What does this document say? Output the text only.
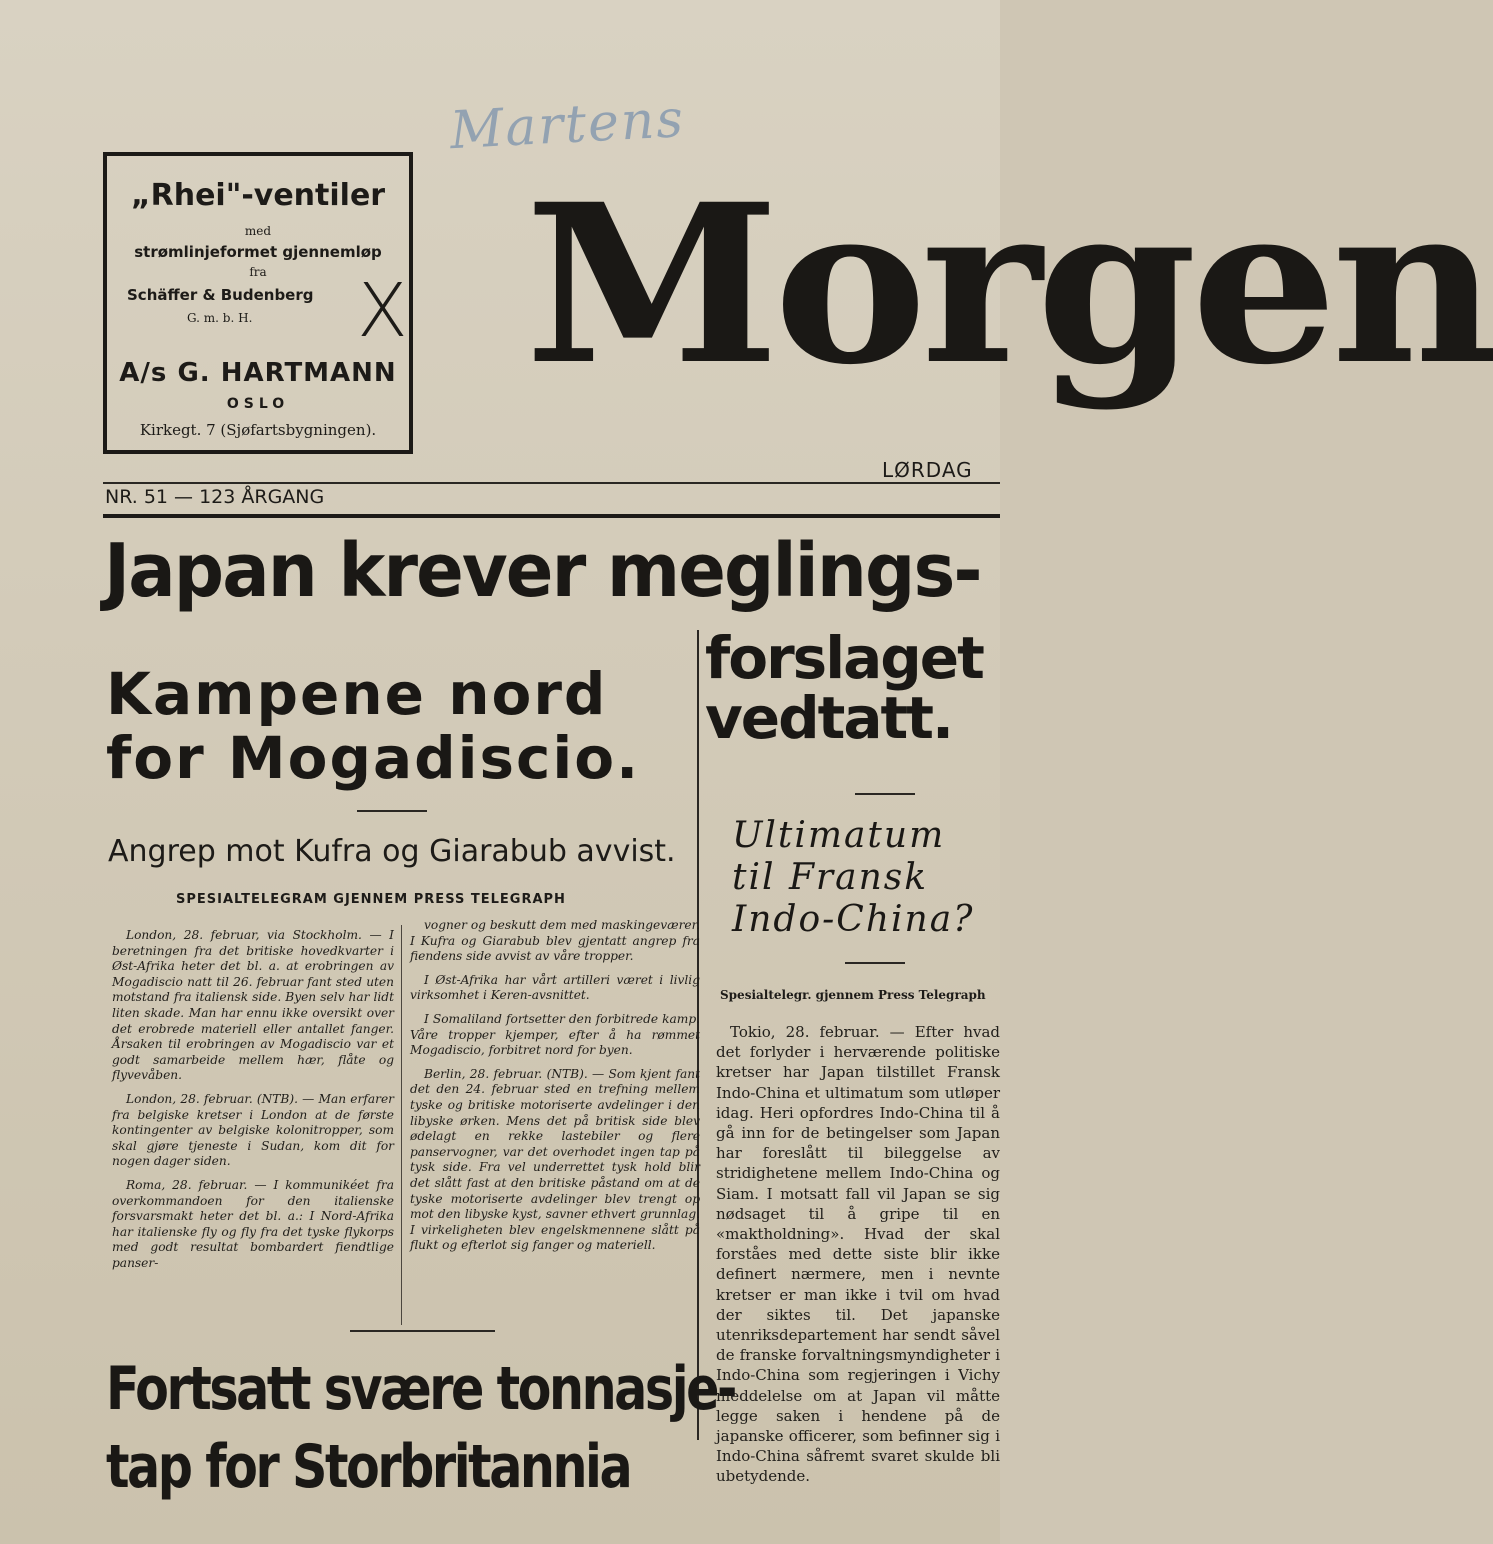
Martens
„Rhei"-ventiler
med
strømlinjeformet gjennemløp
fra
Schäffer & Budenberg
G. m. b. H. X
A/s G. HARTMANN
OSLO
Kirkegt. 7 (Sjøfartsbygningen).
Morgen
LØRDAG
NR. 51 — 123 ÅRGANG
Japan krever meglings-
forslaget
vedtatt.
Kampene nord
for Mogadiscio.
Angrep mot Kufra og Giarabub avvist.
SPESIALTELEGRAM GJENNEM PRESS TELEGRAPH

London, 28. februar, via Stockholm. — I beretningen fra det britiske hovedkvarter i Øst-Afrika heter det bl. a. at erobringen av Mogadiscio natt til 26. februar fant sted uten motstand fra italiensk side. Byen selv har lidt liten skade. Man har ennu ikke oversikt over det erobrede materiell eller antallet fanger. Årsaken til erobringen av Mogadiscio var et godt samarbeide mellem hær, flåte og flyvevåben.

London, 28. februar. (NTB). — Man erfarer fra belgiske kretser i London at de første kontingenter av belgiske kolonitropper, som skal gjøre tjeneste i Sudan, kom dit for nogen dager siden.

Roma, 28. februar. — I kommunikéet fra overkommandoen for den italienske forsvarsmakt heter det bl. a.: I Nord-Afrika har italienske fly og fly fra det tyske flykorps med godt resultat bombardert fiendtlige panser-

vogner og beskutt dem med maskingeværer. I Kufra og Giarabub blev gjentatt angrep fra fiendens side avvist av våre tropper.

I Øst-Afrika har vårt artilleri været i livlig virksomhet i Keren-avsnittet.

I Somaliland fortsetter den forbitrede kamp. Våre tropper kjemper, efter å ha rømmet Mogadiscio, forbitret nord for byen.

Berlin, 28. februar. (NTB). — Som kjent fant det den 24. februar sted en trefning mellem tyske og britiske motoriserte avdelinger i den libyske ørken. Mens det på britisk side blev ødelagt en rekke lastebiler og flere panservogner, var det overhodet ingen tap på tysk side. Fra vel underrettet tysk hold blir det slått fast at den britiske påstand om at de tyske motoriserte avdelinger blev trengt op mot den libyske kyst, savner ethvert grunnlag. I virkeligheten blev engelskmennene slått på flukt og efterlot sig fanger og materiell.

Ultimatum
til Fransk
Indo-China?
Spesialtelegr. gjennem Press Telegraph

Tokio, 28. februar. — Efter hvad det forlyder i herværende politiske kretser har Japan tilstillet Fransk Indo-China et ultimatum som utløper idag. Heri opfordres Indo-China til å gå inn for de betingelser som Japan har foreslått til bileggelse av stridighetene mellem Indo-China og Siam. I motsatt fall vil Japan se sig nødsaget til å gripe til en «maktholdning». Hvad der skal forståes med dette siste blir ikke definert nærmere, men i nevnte kretser er man ikke i tvil om hvad der siktes til. Det japanske utenriksdepartement har sendt såvel de franske forvaltningsmyndigheter i Indo-China som regjeringen i Vichy meddelelse om at Japan vil måtte legge saken i hendene på de japanske officerer, som befinner sig i Indo-China såfremt svaret skulde bli ubetydende.

Fortsatt svære tonnasje-
tap for Storbritannia
